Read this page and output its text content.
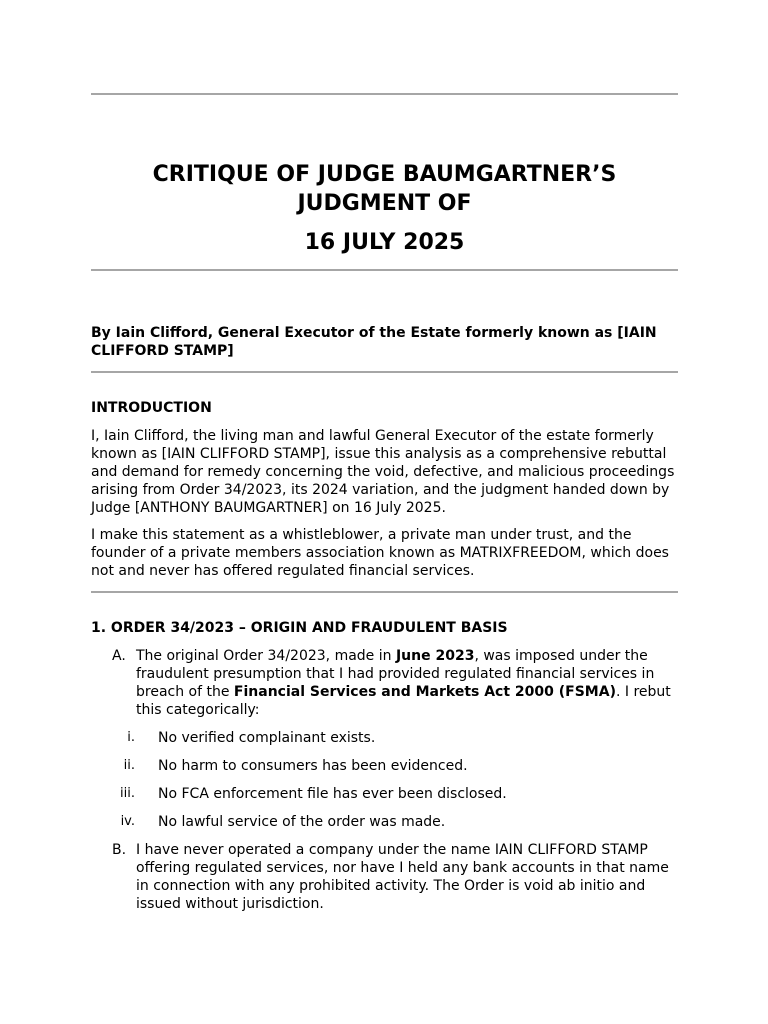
CRITIQUE OF JUDGE BAUMGARTNER’S
JUDGMENT OF
16 JULY 2025
By Iain Clifford, General Executor of the Estate formerly known as [IAIN CLIFFORD STAMP]
INTRODUCTION
I, Iain Clifford, the living man and lawful General Executor of the estate formerly known as [IAIN CLIFFORD STAMP], issue this analysis as a comprehensive rebuttal and demand for remedy concerning the void, defective, and malicious proceedings arising from Order 34/2023, its 2024 variation, and the judgment handed down by Judge [ANTHONY BAUMGARTNER] on 16 July 2025.
I make this statement as a whistleblower, a private man under trust, and the founder of a private members association known as MATRIXFREEDOM, which does not and never has offered regulated financial services.
1. ORDER 34/2023 – ORIGIN AND FRAUDULENT BASIS
A. The original Order 34/2023, made in June 2023, was imposed under the fraudulent presumption that I had provided regulated financial services in breach of the Financial Services and Markets Act 2000 (FSMA). I rebut this categorically:
i. No verified complainant exists.
ii. No harm to consumers has been evidenced.
iii. No FCA enforcement file has ever been disclosed.
iv. No lawful service of the order was made.
B. I have never operated a company under the name IAIN CLIFFORD STAMP offering regulated services, nor have I held any bank accounts in that name in connection with any prohibited activity. The Order is void ab initio and issued without jurisdiction.
